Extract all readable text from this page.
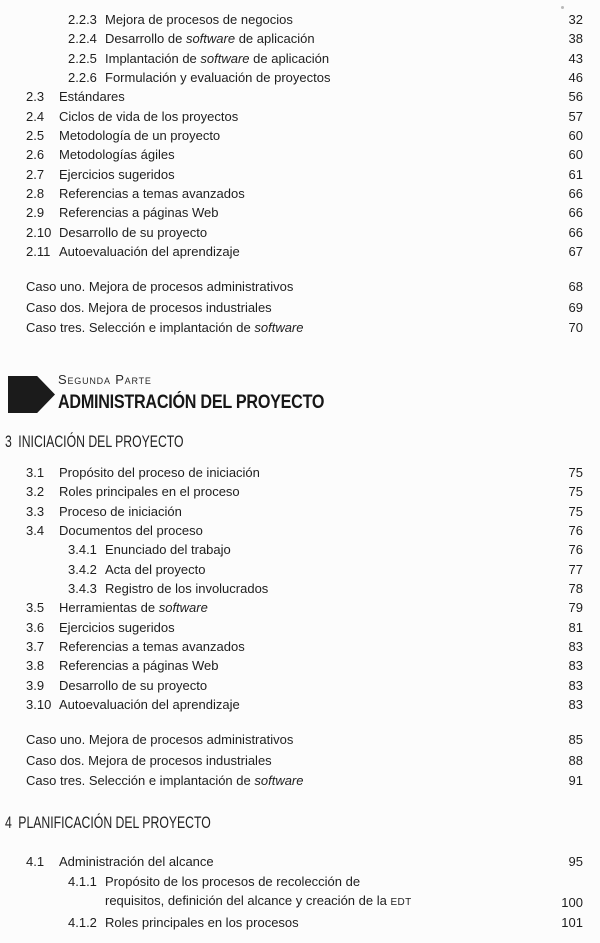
2.2.3 Mejora de procesos de negocios	32
2.2.4 Desarrollo de software de aplicación	38
2.2.5 Implantación de software de aplicación	43
2.2.6 Formulación y evaluación de proyectos	46
2.3	Estándares	56
2.4	Ciclos de vida de los proyectos	57
2.5	Metodología de un proyecto	60
2.6	Metodologías ágiles	60
2.7	Ejercicios sugeridos	61
2.8	Referencias a temas avanzados	66
2.9	Referencias a páginas Web	66
2.10 Desarrollo de su proyecto	66
2.11 Autoevaluación del aprendizaje	67
Caso uno. Mejora de procesos administrativos	68
Caso dos. Mejora de procesos industriales	69
Caso tres. Selección e implantación de software	70
Segunda Parte
ADMINISTRACIÓN DEL PROYECTO
3 INICIACIÓN DEL PROYECTO
3.1	Propósito del proceso de iniciación	75
3.2	Roles principales en el proceso	75
3.3	Proceso de iniciación	75
3.4	Documentos del proceso	76
3.4.1 Enunciado del trabajo	76
3.4.2 Acta del proyecto	77
3.4.3 Registro de los involucrados	78
3.5	Herramientas de software	79
3.6	Ejercicios sugeridos	81
3.7	Referencias a temas avanzados	83
3.8	Referencias a páginas Web	83
3.9	Desarrollo de su proyecto	83
3.10 Autoevaluación del aprendizaje	83
Caso uno. Mejora de procesos administrativos	85
Caso dos. Mejora de procesos industriales	88
Caso tres. Selección e implantación de software	91
4 PLANIFICACIÓN DEL PROYECTO
4.1	Administración del alcance	95
4.1.1 Propósito de los procesos de recolección de
requisitos, definición del alcance y creación de la EDT	100
4.1.2 Roles principales en los procesos	101
